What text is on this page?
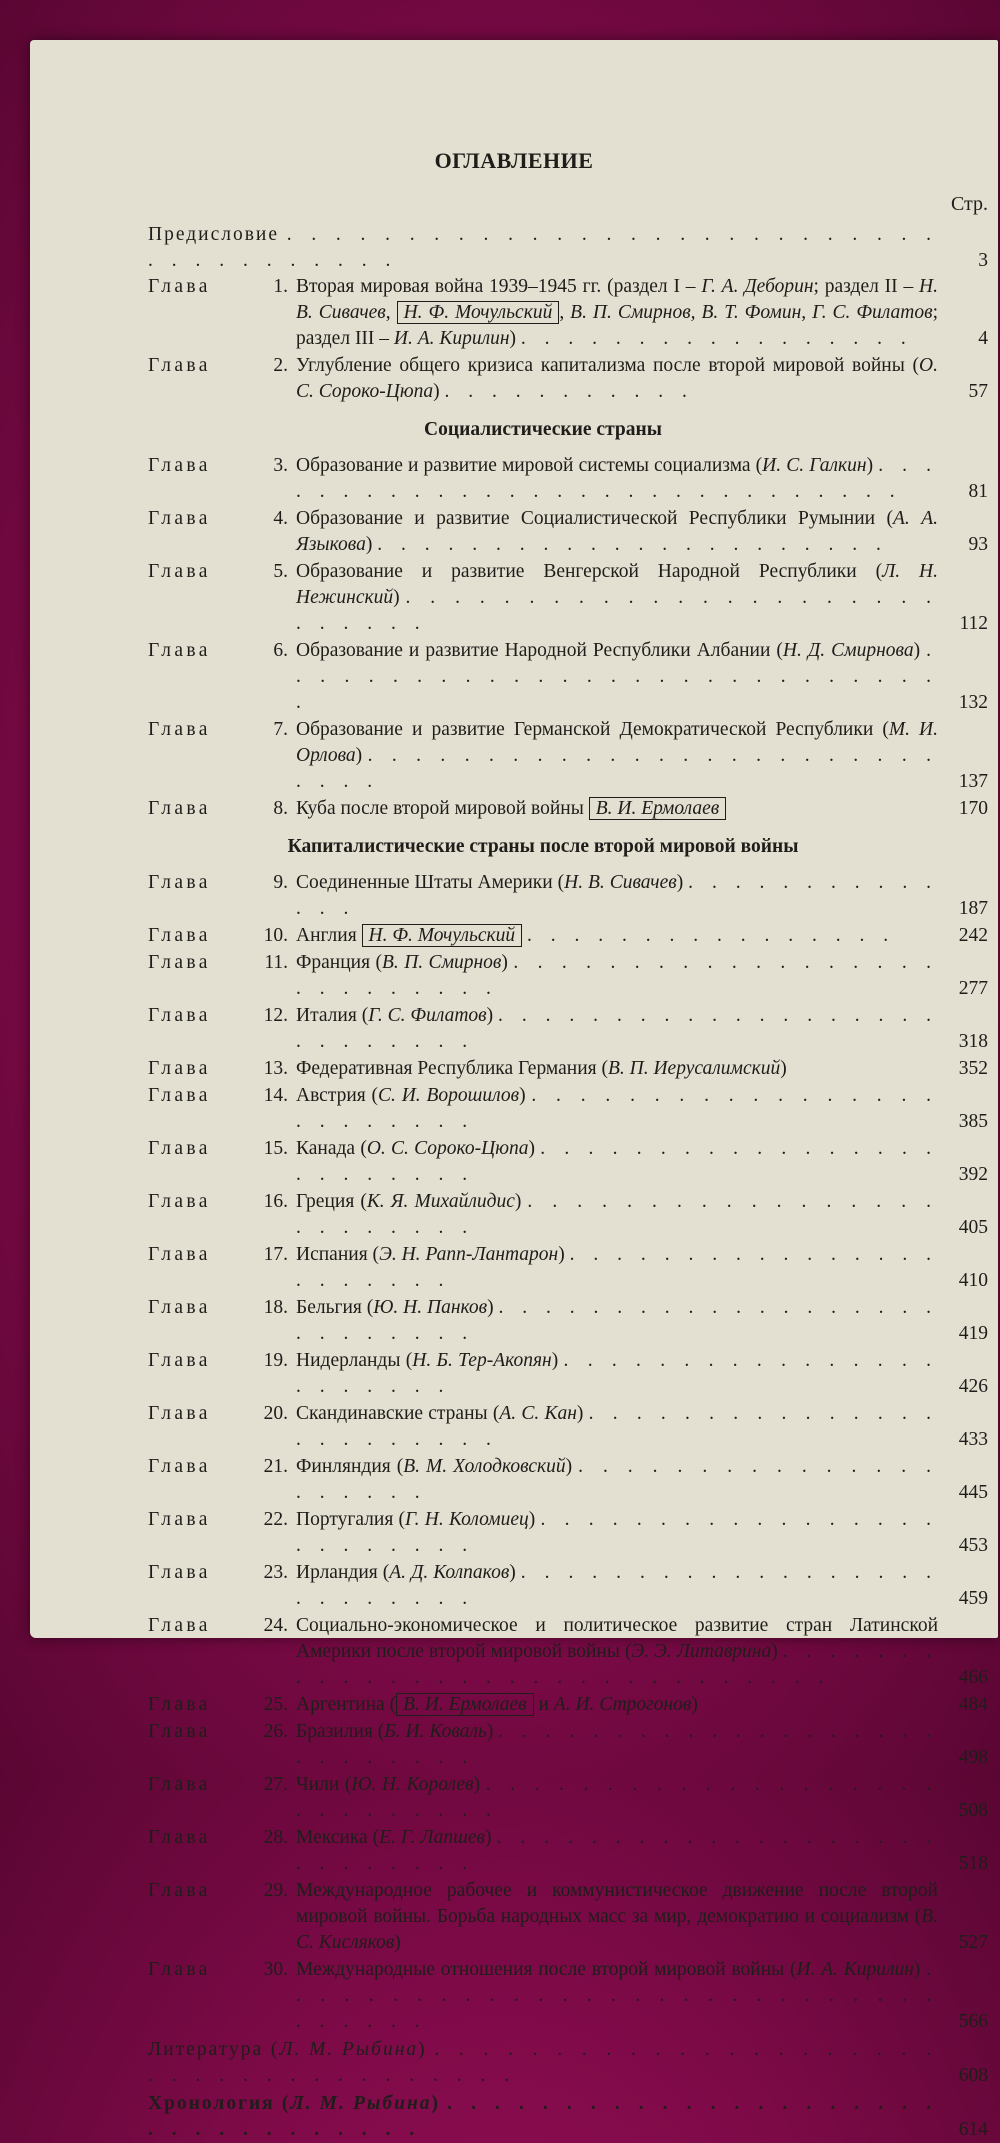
ОГЛАВЛЕНИЕ
Стр.
Предисловие . . . . . . . . . . . . . . . . . . . . . . . . . . . . . . . . . . . . . .	3
Глава	1. Вторая мировая война 1939–1945 гг. (раздел I – Г. А. Деборин; раздел II – Н. В. Сивачев, Н. Ф. Мочульский , В. П. Смирнов, В. Т. Фомин, Г. С. Филатов; раздел III – И. А. Кирилин) . . . . . . . . . . . . . . . . .	4
Глава	2. Углубление общего кризиса капитализма после второй мировой войны (О. С. Сороко-Цюпа) . . . . . . . . . . .	57
Социалистические страны
Глава	3. Образование и развитие мировой системы социализма (И. С. Галкин) . . . . . . . . . . . . . . . . . . . . . . . . . . . . .	81
Глава	4. Образование и развитие Социалистической Республики Румынии (А. А. Языкова) . . . . . . . . . . . . . . . . . . . . . .	93
Глава	5. Образование и развитие Венгерской Народной Республики (Л. Н. Нежинский) . . . . . . . . . . . . . . . . . . . . . . . . . . . .	112
Глава	6. Образование и развитие Народной Республики Албании (Н. Д. Смирнова) . . . . . . . . . . . . . . . . . . . . . . . . . . . . .	132
Глава	7. Образование и развитие Германской Демократической Республики (М. И. Орлова) . . . . . . . . . . . . . . . . . . . . . . . . . . . .	137
Глава	8. Куба после второй мировой войны В. И. Ермолаев	170
Капиталистические страны после второй мировой войны
Глава	9. Соединенные Штаты Америки (Н. В. Сивачев) . . . . . . . . . . . . . .	187
Глава	10. Англия Н. Ф. Мочульский . . . . . . . . . . . . . . . .	242
Глава	11. Франция (В. П. Смирнов) . . . . . . . . . . . . . . . . . . . . . . . . . . .	277
Глава	12. Италия (Г. С. Филатов) . . . . . . . . . . . . . . . . . . . . . . . . . . .	318
Глава	13. Федеративная Республика Германия (В. П. Иерусалимский)	352
Глава	14. Австрия (С. И. Ворошилов) . . . . . . . . . . . . . . . . . . . . . . . . .	385
Глава	15. Канада (О. С. Сороко-Цюпа) . . . . . . . . . . . . . . . . . . . . . . . . .	392
Глава	16. Греция (К. Я. Михайлидис) . . . . . . . . . . . . . . . . . . . . . . . . .	405
Глава	17. Испания (Э. Н. Рапп-Лантарон) . . . . . . . . . . . . . . . . . . . . . . .	410
Глава	18. Бельгия (Ю. Н. Панков) . . . . . . . . . . . . . . . . . . . . . . . . . . .	419
Глава	19. Нидерланды (Н. Б. Тер-Акопян) . . . . . . . . . . . . . . . . . . . . . . .	426
Глава	20. Скандинавские страны (А. С. Кан) . . . . . . . . . . . . . . . . . . . . . . . .	433
Глава	21. Финляндия (В. М. Холодковский) . . . . . . . . . . . . . . . . . . . . .	445
Глава	22. Португалия (Г. Н. Коломиец) . . . . . . . . . . . . . . . . . . . . . . . . .	453
Глава	23. Ирландия (А. Д. Колпаков) . . . . . . . . . . . . . . . . . . . . . . . . . .	459
Глава	24. Социально-экономическое и политическое развитие стран Латинской Америки после второй мировой войны (Э. Э. Литаврина) . . . . . . . . . . . . . . . . . . . . . . . . . . . . . .	466
Глава	25. Аргентина ( В. И. Ермолаев и А. И. Строгонов)	484
Глава	26. Бразилия (Б. И. Коваль) . . . . . . . . . . . . . . . . . . . . . . . . . . .	498
Глава	27. Чили (Ю. Н. Королев) . . . . . . . . . . . . . . . . . . . . . . . . . . . .	508
Глава	28. Мексика (Е. Г. Лапшев) . . . . . . . . . . . . . . . . . . . . . . . . . . .	518
Глава	29. Международное рабочее и коммунистическое движение после второй мировой войны. Борьба народных масс за мир, демократию и социализм (В. С. Кисляков)	527
Глава	30. Международные отношения после второй мировой войны (И. А. Кирилин) . . . . . . . . . . . . . . . . . . . . . . . . . . . . . . . . . .	566
Литература (Л. М. Рыбина) . . . . . . . . . . . . . . . . . . . . . . . . . . . . . . . . . . . . .	608
Хронология (Л. М. Рыбина) . . . . . . . . . . . . . . . . . . . . . . . . . . . . . . . . .	614
